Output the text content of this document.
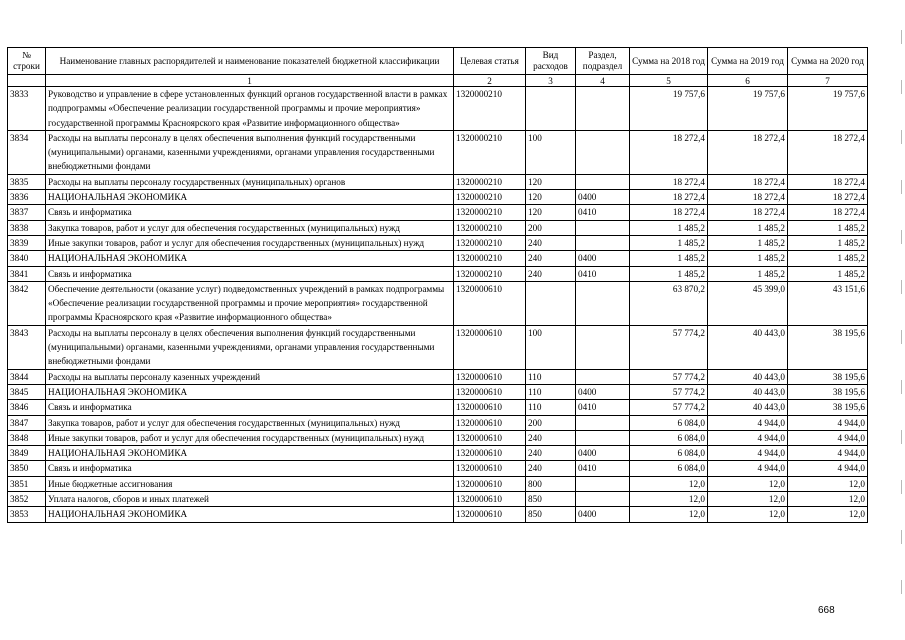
№ строки	Наименование главных распорядителей и наименование показателей бюджетной классификации	Целевая статья	Вид расходов	Раздел, подраздел	Сумма на 2018 год	Сумма на 2019 год	Сумма на 2020 год
	1	2	3	4	5	6	7
3833	Руководство и управление в сфере установленных функций органов государственной власти в рамках подпрограммы «Обеспечение реализации государственной программы и прочие мероприятия» государственной программы Красноярского края «Развитие информационного общества»	1320000210			19 757,6	19 757,6	19 757,6
3834	Расходы на выплаты персоналу в целях обеспечения выполнения функций государственными (муниципальными) органами, казенными учреждениями, органами управления государственными внебюджетными фондами	1320000210	100		18 272,4	18 272,4	18 272,4
3835	Расходы на выплаты персоналу государственных (муниципальных) органов	1320000210	120		18 272,4	18 272,4	18 272,4
3836	НАЦИОНАЛЬНАЯ ЭКОНОМИКА	1320000210	120	0400	18 272,4	18 272,4	18 272,4
3837	Связь и информатика	1320000210	120	0410	18 272,4	18 272,4	18 272,4
3838	Закупка товаров, работ и услуг для обеспечения государственных (муниципальных) нужд	1320000210	200		1 485,2	1 485,2	1 485,2
3839	Иные закупки товаров, работ и услуг для обеспечения государственных (муниципальных) нужд	1320000210	240		1 485,2	1 485,2	1 485,2
3840	НАЦИОНАЛЬНАЯ ЭКОНОМИКА	1320000210	240	0400	1 485,2	1 485,2	1 485,2
3841	Связь и информатика	1320000210	240	0410	1 485,2	1 485,2	1 485,2
3842	Обеспечение деятельности (оказание услуг) подведомственных учреждений в рамках подпрограммы «Обеспечение реализации государственной программы и прочие мероприятия» государственной программы Красноярского края «Развитие информационного общества»	1320000610			63 870,2	45 399,0	43 151,6
3843	Расходы на выплаты персоналу в целях обеспечения выполнения функций государственными (муниципальными) органами, казенными учреждениями, органами управления государственными внебюджетными фондами	1320000610	100		57 774,2	40 443,0	38 195,6
3844	Расходы на выплаты персоналу казенных учреждений	1320000610	110		57 774,2	40 443,0	38 195,6
3845	НАЦИОНАЛЬНАЯ ЭКОНОМИКА	1320000610	110	0400	57 774,2	40 443,0	38 195,6
3846	Связь и информатика	1320000610	110	0410	57 774,2	40 443,0	38 195,6
3847	Закупка товаров, работ и услуг для обеспечения государственных (муниципальных) нужд	1320000610	200		6 084,0	4 944,0	4 944,0
3848	Иные закупки товаров, работ и услуг для обеспечения государственных (муниципальных) нужд	1320000610	240		6 084,0	4 944,0	4 944,0
3849	НАЦИОНАЛЬНАЯ ЭКОНОМИКА	1320000610	240	0400	6 084,0	4 944,0	4 944,0
3850	Связь и информатика	1320000610	240	0410	6 084,0	4 944,0	4 944,0
3851	Иные бюджетные ассигнования	1320000610	800		12,0	12,0	12,0
3852	Уплата налогов, сборов и иных платежей	1320000610	850		12,0	12,0	12,0
3853	НАЦИОНАЛЬНАЯ ЭКОНОМИКА	1320000610	850	0400	12,0	12,0	12,0
668
